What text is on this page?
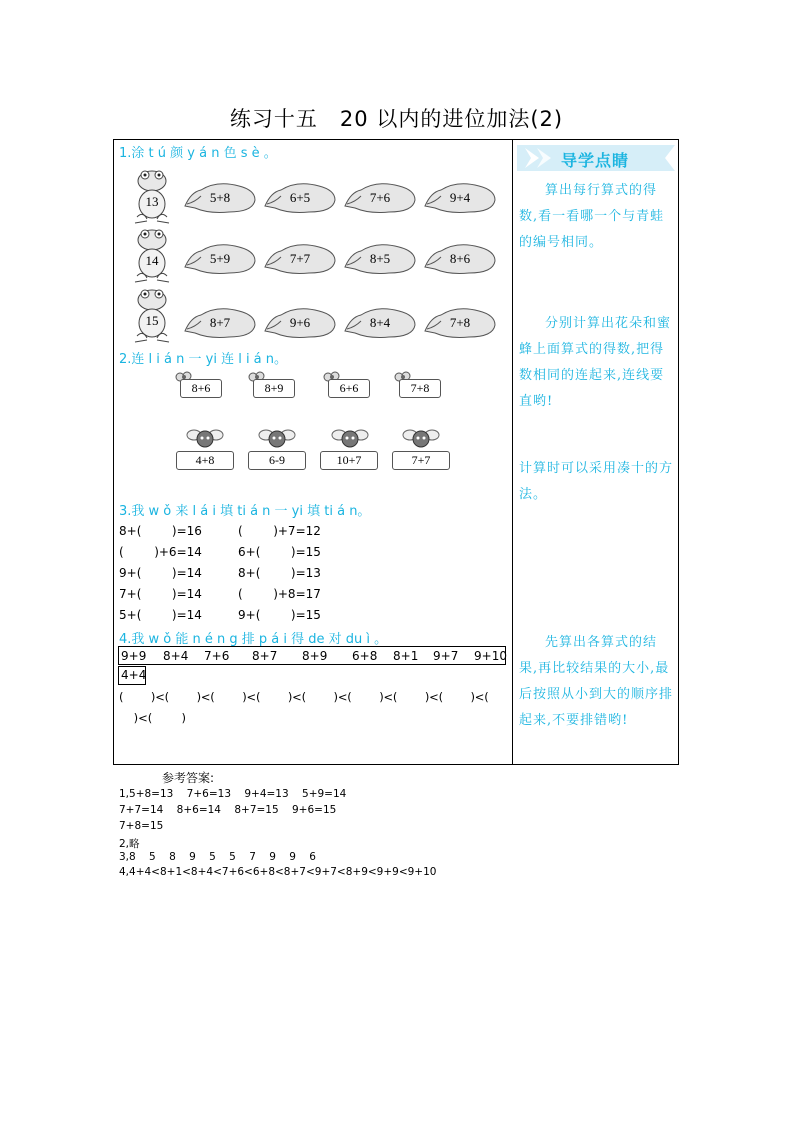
练习十五　20 以内的进位加法(2)
导学点睛
算出每行算式的得数,看一看哪一个与青蛙的编号相同。
分别计算出花朵和蜜蜂上面算式的得数,把得数相同的连起来,连线要直哟!
计算时可以采用凑十的方法。
先算出各算式的结果,再比较结果的大小,最后按照从小到大的顺序排起来,不要排错哟!
1.涂 t ú 颜 y á n 色 s è 。
13	5+8	6+5	7+6	9+4
14	5+9	7+7	8+5	8+6
15	8+7	9+6	8+4	7+8
2.连 l i á n 一 yi 连 l i á n。
8+6	8+9	6+6	7+8
4+8	6-9	10+7	7+7
3.我 w ǒ 来 l á i 填 ti á n 一 yi 填 ti á n。
8+(        )=16	(        )+7=12
(        )+6=14	6+(        )=15
9+(        )=14	8+(        )=13
7+(        )=14	(        )+8=17
5+(        )=14	9+(        )=15
4.我 w ǒ 能 n é n g 排 p á i 得 de 对 du ì 。
9+9 8+4 7+6 8+7 8+9 6+8 8+1 9+7 9+10
4+4
(        )<(        )<(        )<(        )<(        )<(        )<(        )<(        )<(
)<(        )
参考答案:
1,5+8=13    7+6=13    9+4=13    5+9=14
7+7=14    8+6=14    8+7=15    9+6=15
7+8=15
2,略
3,8    5    8    9    5    5    7    9    9    6
4,4+4<8+1<8+4<7+6<6+8<8+7<9+7<8+9<9+9<9+10
